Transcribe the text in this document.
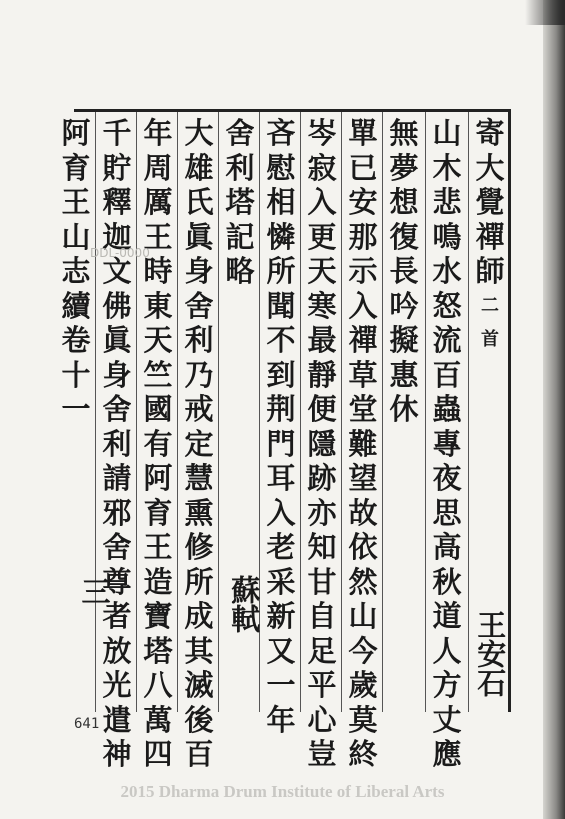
寄
大
覺
禪
師
二
首
山
木
悲
鳴
水
怒
流
百
蟲
專
夜
思
高
秋
道
人
方
丈
應
無
夢
想
復
長
吟
擬
惠
休
單
已
安
那
示
入
禪
草
堂
難
望
故
依
然
山
今
歲
莫
終
岑
寂
入
更
天
寒
最
靜
便
隱
跡
亦
知
甘
自
足
平
心
豈
吝
慰
相
憐
所
聞
不
到
荆
門
耳
入
老
采
新
又
一
年
舍
利
塔
記
略
大
雄
氏
眞
身
舍
利
乃
戒
定
慧
熏
修
所
成
其
滅
後
百
年
周
厲
王
時
東
天
竺
國
有
阿
育
王
造
寶
塔
八
萬
四
千
貯
釋
迦
文
佛
眞
身
舍
利
請
邪
舍
尊
者
放
光
遣
神
阿
育
王
山
志
續
卷
十
一
王安石
蘇軾
三
DDL-0000
641
2015 Dharma Drum Institute of Liberal Arts
